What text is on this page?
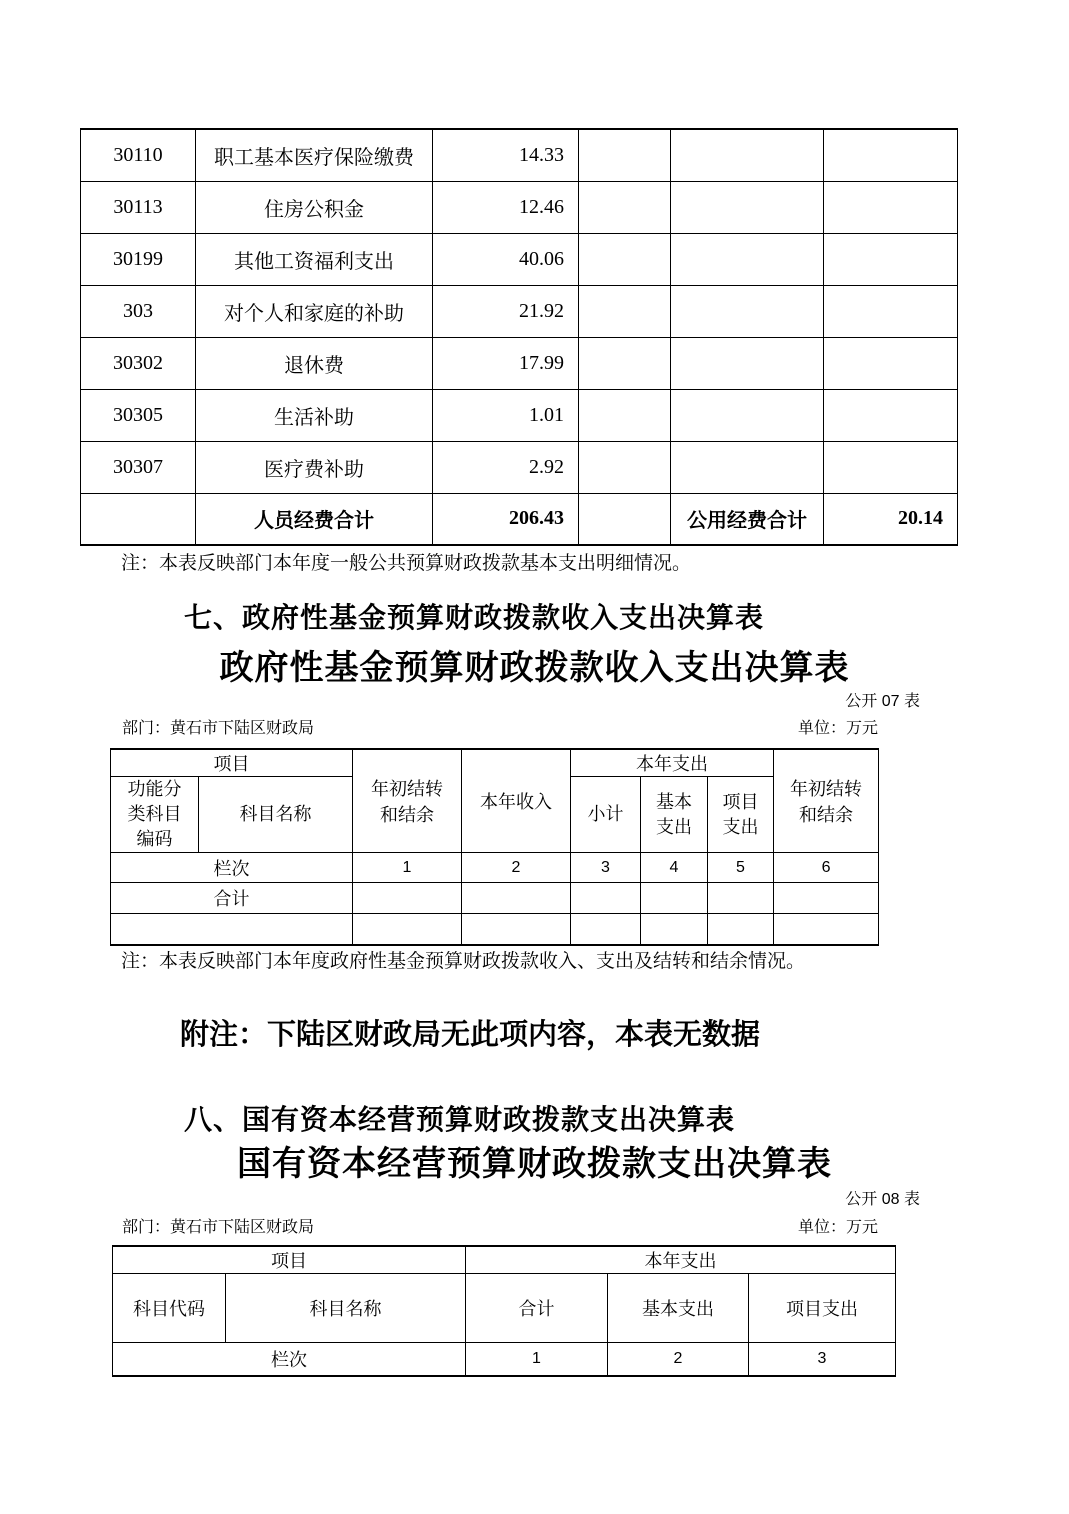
30110	职工基本医疗保险缴费	14.33			
30113	住房公积金	12.46			
30199	其他工资福利支出	40.06			
303	对个人和家庭的补助	21.92			
30302	退休费	17.99			
30305	生活补助	1.01			
30307	医疗费补助	2.92			
	人员经费合计	206.43		公用经费合计	20.14
注：本表反映部门本年度一般公共预算财政拨款基本支出明细情况。
七、政府性基金预算财政拨款收入支出决算表
政府性基金预算财政拨款收入支出决算表
公开 07 表
部门：黄石市下陆区财政局	单位：万元
项目		年初结转和结余	本年收入	本年支出			年初结转和结余
功能分类科目编码	科目名称			小计	基本支出	项目支出	
栏次		1	2	3	4	5	6
合计							

注：本表反映部门本年度政府性基金预算财政拨款收入、支出及结转和结余情况。
附注：下陆区财政局无此项内容，本表无数据
八、国有资本经营预算财政拨款支出决算表
国有资本经营预算财政拨款支出决算表
公开 08 表
部门：黄石市下陆区财政局	单位：万元
项目		本年支出		
科目代码	科目名称	合计	基本支出	项目支出
栏次		1	2	3
